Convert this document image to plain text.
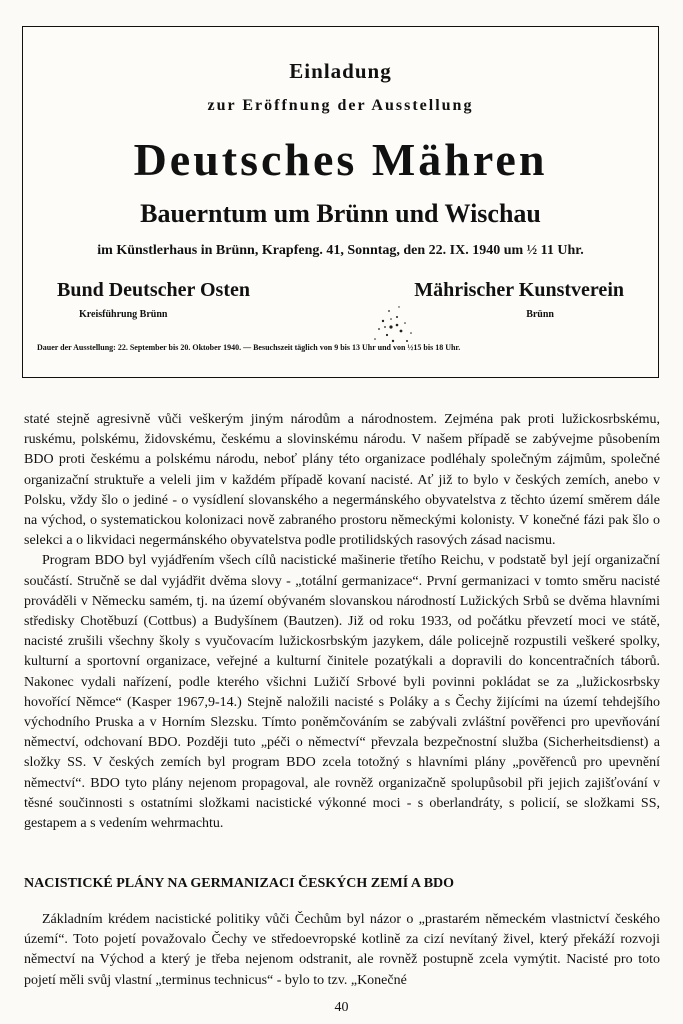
Einladung

zur Eröffnung der Ausstellung

Deutsches Mähren

Bauerntum um Brünn und Wischau

im Künstlerhaus in Brünn, Krapfeng. 41, Sonntag, den 22. IX. 1940 um ½ 11 Uhr.

Bund Deutscher Osten

Kreisführung Brünn

Mährischer Kunstverein

Brünn

Dauer der Ausstellung: 22. September bis 20. Oktober 1940. — Besuchszeit täglich von 9 bis 13 Uhr und von ½15 bis 18 Uhr.

staté stejně agresivně vůči veškerým jiným národům a národnostem. Zejména pak proti lužickosrbskému, ruskému, polskému, židovskému, českému a slovinskému národu. V našem případě se zabývejme působením BDO proti českému a polskému národu, neboť plány této organizace podléhaly společným zájmům, společné organizační struktuře a veleli jim v každém případě kovaní nacisté. Ať již to bylo v českých zemích, anebo v Polsku, vždy šlo o jediné - o vysídlení slovanského a negermánského obyvatelstva z těchto území směrem dále na východ, o systematickou kolonizaci nově zabraného prostoru německými kolonisty. V konečné fázi pak šlo o selekci a o likvidaci negermánského obyvatelstva podle protilidských rasových zásad nacismu.

Program BDO byl vyjádřením všech cílů nacistické mašinerie třetího Reichu, v podstatě byl její organizační součástí. Stručně se dal vyjádřit dvěma slovy - „totální germanizace“. První germanizaci v tomto směru nacisté prováděli v Německu samém, tj. na území obývaném slovanskou národností Lužických Srbů se dvěma hlavními středisky Chotěbuzí (Cottbus) a Budyšínem (Bautzen). Již od roku 1933, od počátku převzetí moci ve státě, nacisté zrušili všechny školy s vyučovacím lužickosrbským jazykem, dále policejně rozpustili veškeré spolky, kulturní a sportovní organizace, veřejné a kulturní činitele pozatýkali a dopravili do koncentračních táborů. Nakonec vydali nařízení, podle kterého všichni Lužičí Srbové byli povinni pokládat se za „lužickosrbsky hovořící Němce“ (Kasper 1967,9-14.) Stejně naložili nacisté s Poláky a s Čechy žijícími na území tehdejšího východního Pruska a v Horním Slezsku. Tímto poněmčováním se zabývali zvláštní pověřenci pro upevňování němectví, odchovaní BDO. Později tuto „péči o němectví“ převzala bezpečnostní služba (Sicherheitsdienst) a složky SS. V českých zemích byl program BDO zcela totožný s hlavními plány „pověřenců pro upevnění němectví“. BDO tyto plány nejenom propagoval, ale rovněž organizačně spolupůsobil při jejich zajišťování v těsné součinnosti s ostatními složkami nacistické výkonné moci - s oberlandráty, s policií, se složkami SS, gestapem a s vedením wehrmachtu.

NACISTICKÉ PLÁNY NA GERMANIZACI ČESKÝCH ZEMÍ A BDO

Základním krédem nacistické politiky vůči Čechům byl názor o „prastarém německém vlastnictví českého území“. Toto pojetí považovalo Čechy ve středoevropské kotlině za cizí nevítaný živel, který překáží rozvoji němectví na Východ a který je třeba nejenom odstranit, ale rovněž postupně zcela vymýtit. Nacisté pro toto pojetí měli svůj vlastní „terminus technicus“ - bylo to tzv. „Konečné

40
